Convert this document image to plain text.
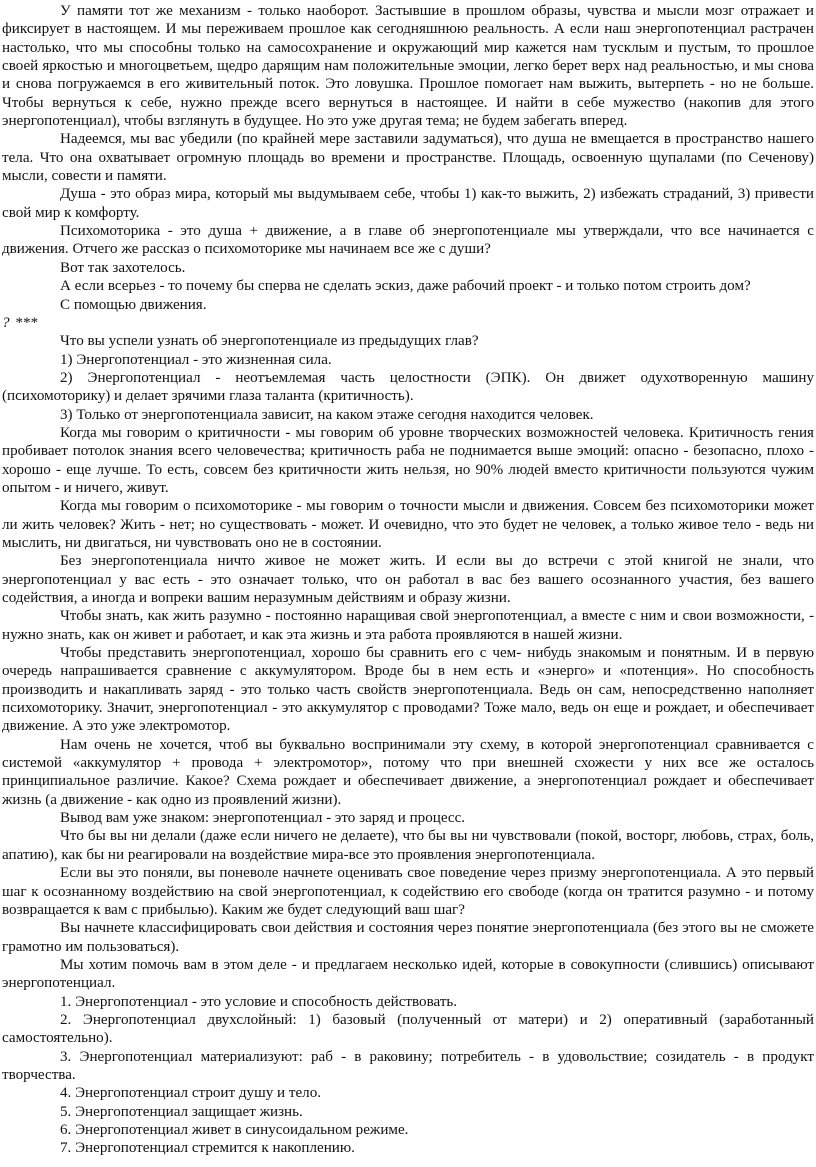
У памяти тот же механизм - только наоборот. Застывшие в прошлом образы, чувства и мысли мозг отражает и фиксирует в настоящем. И мы переживаем прошлое как сегодняшнюю реальность. А если наш энергопотенциал растрачен настолько, что мы способны только на самосохранение и окружающий мир кажется нам тусклым и пустым, то прошлое своей яркостью и многоцветьем, щедро дарящим нам положительные эмоции, легко берет верх над реальностью, и мы снова и снова погружаемся в его живительный поток. Это ловушка. Прошлое помогает нам выжить, вытерпеть - но не больше. Чтобы вернуться к себе, нужно прежде всего вернуться в настоящее. И найти в себе мужество (накопив для этого энергопотенциал), чтобы взглянуть в будущее. Но это уже другая тема; не будем забегать вперед.

Надеемся, мы вас убедили (по крайней мере заставили задуматься), что душа не вмещается в пространство нашего тела. Что она охватывает огромную площадь во времени и пространстве. Площадь, освоенную щупалами (по Сеченову) мысли, совести и памяти.

Душа - это образ мира, который мы выдумываем себе, чтобы 1) как-то выжить, 2) избежать страданий, 3) привести свой мир к комфорту.

Психомоторика - это душа + движение, а в главе об энергопотенциале мы утверждали, что все начинается с движения. Отчего же рассказ о психомоторике мы начинаем все же с души?

Вот так захотелось.

А если всерьез - то почему бы сперва не сделать эскиз, даже рабочий проект - и только потом строить дом?

С помощью движения.

? ***

Что вы успели узнать об энергопотенциале из предыдущих глав?

1) Энергопотенциал - это жизненная сила.

2) Энергопотенциал - неотъемлемая часть целостности (ЭПК). Он движет одухотворенную машину (психомоторику) и делает зрячими глаза таланта (критичность).

3) Только от энергопотенциала зависит, на каком этаже сегодня находится человек.

Когда мы говорим о критичности - мы говорим об уровне творческих возможностей человека. Критичность гения пробивает потолок знания всего человечества; критичность раба не поднимается выше эмоций: опасно - безопасно, плохо - хорошо - еще лучше. То есть, совсем без критичности жить нельзя, но 90% людей вместо критичности пользуются чужим опытом - и ничего, живут.

Когда мы говорим о психомоторике - мы говорим о точности мысли и движения. Совсем без психомоторики может ли жить человек? Жить - нет; но существовать - может. И очевидно, что это будет не человек, а только живое тело - ведь ни мыслить, ни двигаться, ни чувствовать оно не в состоянии.

Без энергопотенциала ничто живое не может жить. И если вы до встречи с этой книгой не знали, что энергопотенциал у вас есть - это означает только, что он работал в вас без вашего осознанного участия, без вашего содействия, а иногда и вопреки вашим неразумным действиям и образу жизни.

Чтобы знать, как жить разумно - постоянно наращивая свой энергопотенциал, а вместе с ним и свои возможности, - нужно знать, как он живет и работает, и как эта жизнь и эта работа проявляются в нашей жизни.

Чтобы представить энергопотенциал, хорошо бы сравнить его с чем- нибудь знакомым и понятным. И в первую очередь напрашивается сравнение с аккумулятором. Вроде бы в нем есть и «энерго» и «потенция». Но способность производить и накапливать заряд - это только часть свойств энергопотенциала. Ведь он сам, непосредственно наполняет психомоторику. Значит, энергопотенциал - это аккумулятор с проводами? Тоже мало, ведь он еще и рождает, и обеспечивает движение. А это уже электромотор.

Нам очень не хочется, чтоб вы буквально воспринимали эту схему, в которой энергопотенциал сравнивается с системой «аккумулятор + провода + электромотор», потому что при внешней схожести у них все же осталось принципиальное различие. Какое? Схема рождает и обеспечивает движение, а энергопотенциал рождает и обеспечивает жизнь (а движение - как одно из проявлений жизни).

Вывод вам уже знаком: энергопотенциал - это заряд и процесс.

Что бы вы ни делали (даже если ничего не делаете), что бы вы ни чувствовали (покой, восторг, любовь, страх, боль, апатию), как бы ни реагировали на воздействие мира-все это проявления энергопотенциала.

Если вы это поняли, вы поневоле начнете оценивать свое поведение через призму энергопотенциала. А это первый шаг к осознанному воздействию на свой энергопотенциал, к содействию его свободе (когда он тратится разумно - и потому возвращается к вам с прибылью). Каким же будет следующий ваш шаг?

Вы начнете классифицировать свои действия и состояния через понятие энергопотенциала (без этого вы не сможете грамотно им пользоваться).

Мы хотим помочь вам в этом деле - и предлагаем несколько идей, которые в совокупности (слившись) описывают энергопотенциал.

1. Энергопотенциал - это условие и способность действовать.

2. Энергопотенциал двухслойный: 1) базовый (полученный от матери) и 2) оперативный (заработанный самостоятельно).

3. Энергопотенциал материализуют: раб - в раковину; потребитель - в удовольствие; созидатель - в продукт творчества.

4. Энергопотенциал строит душу и тело.

5. Энергопотенциал защищает жизнь.

6. Энергопотенциал живет в синусоидальном режиме.

7. Энергопотенциал стремится к накоплению.
